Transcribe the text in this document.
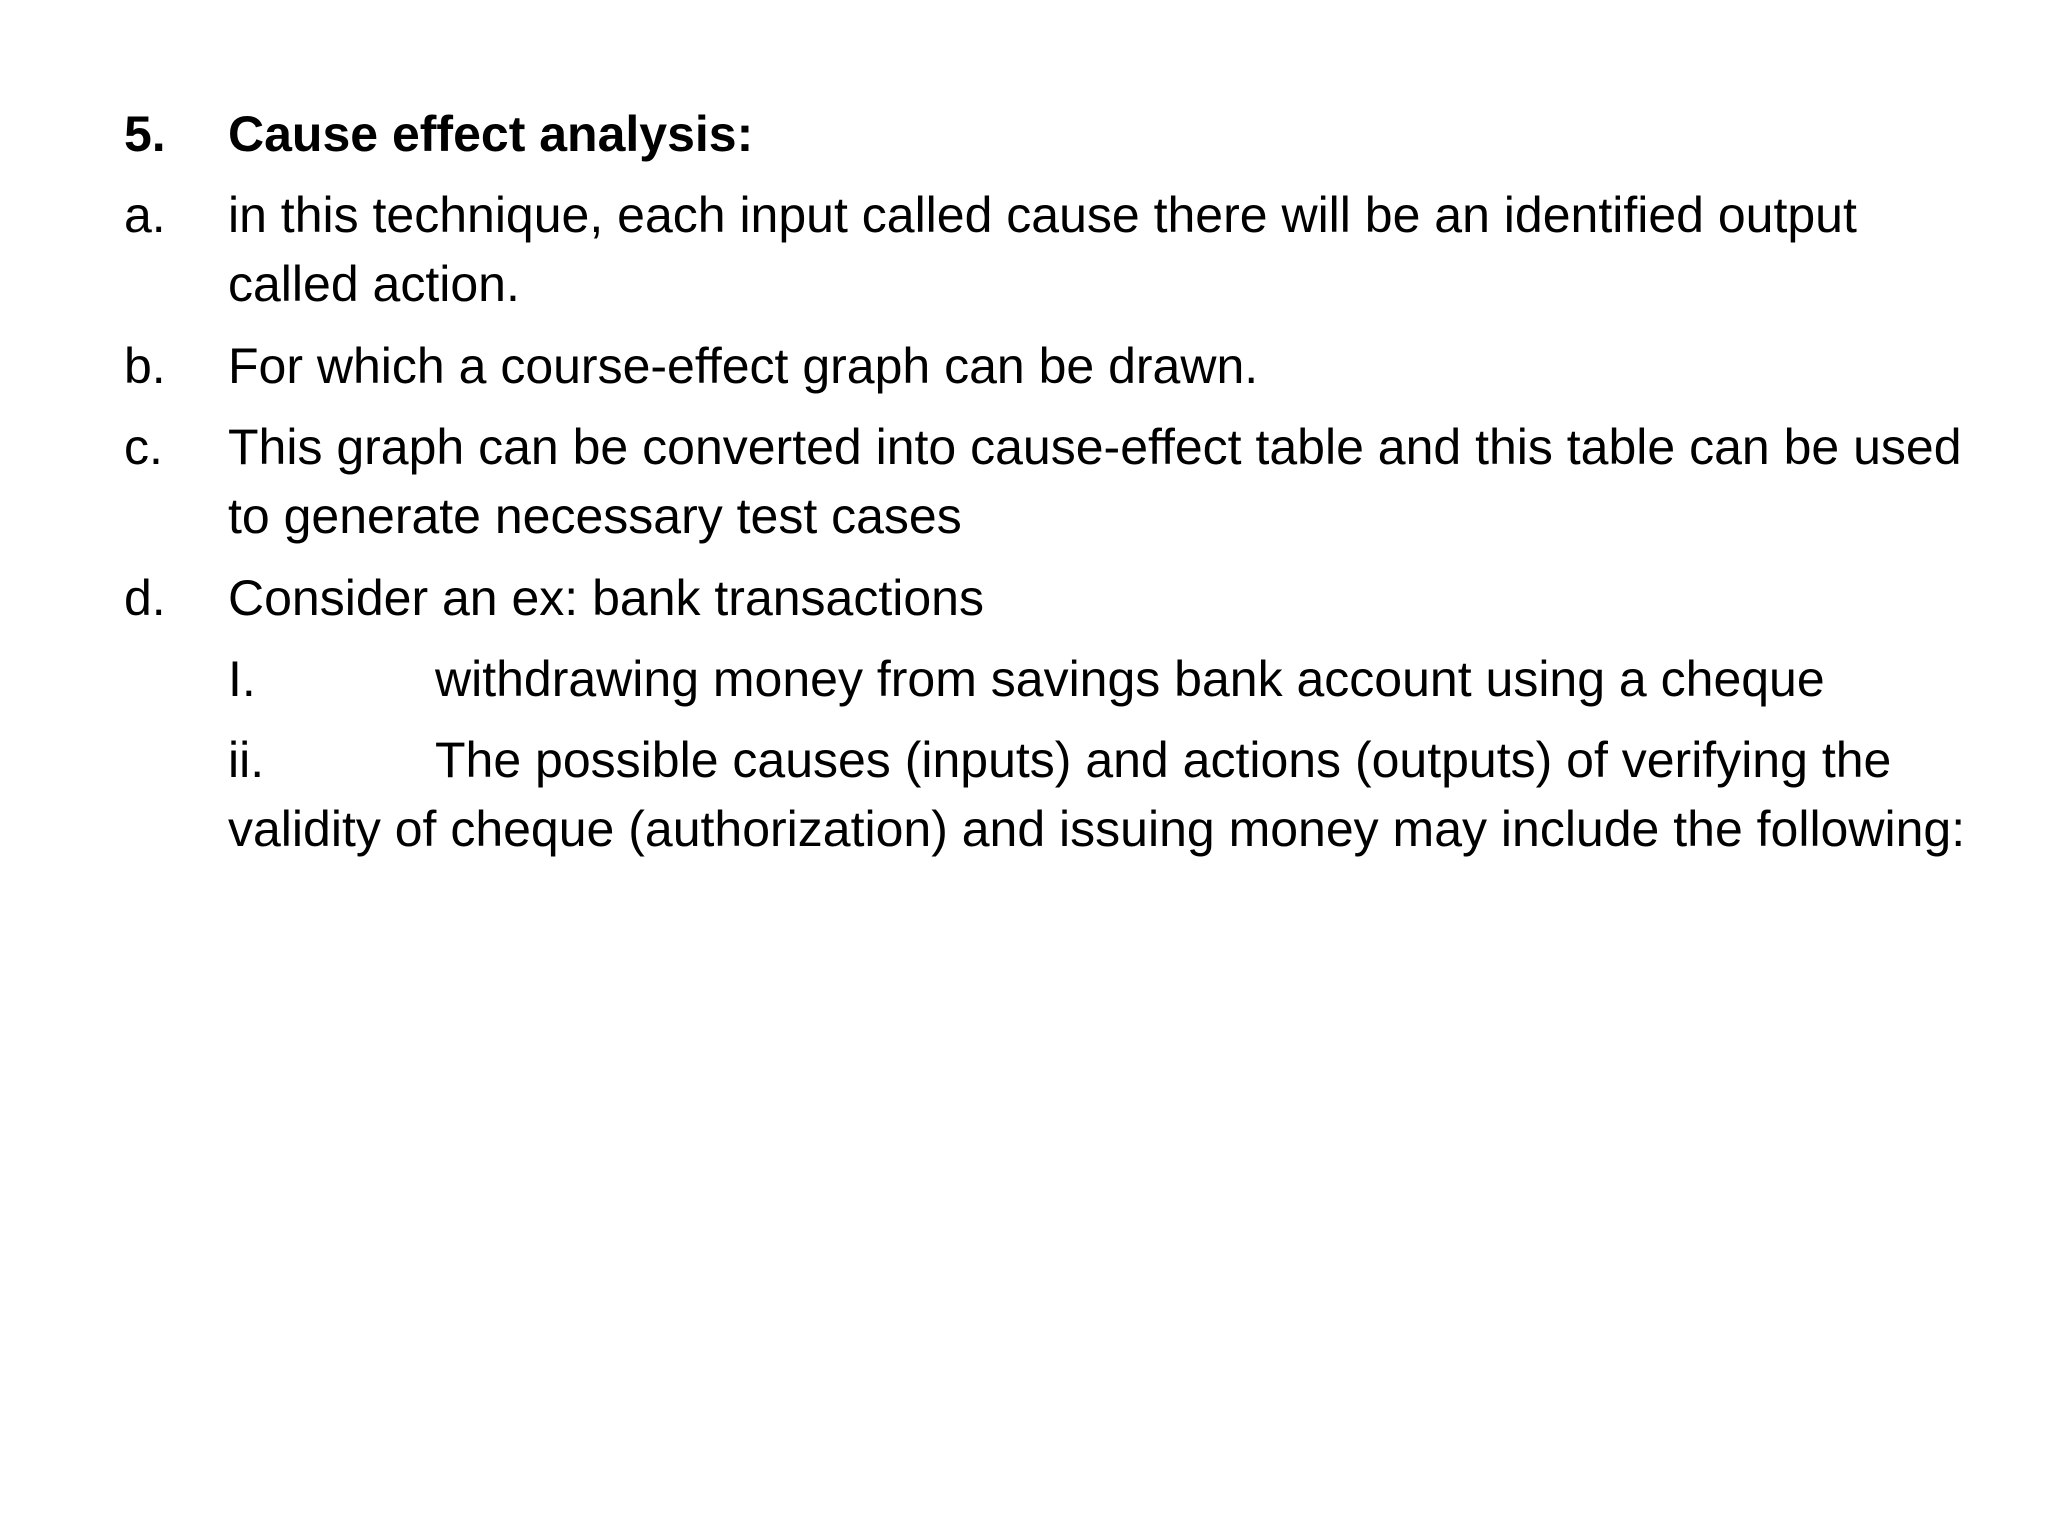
5. Cause effect analysis:
a. in this technique, each input called cause there will be an identified output called action.
b. For which a course-effect graph can be drawn.
c. This graph can be converted into cause-effect table and this table can be used to generate necessary test cases
d. Consider an ex: bank transactions
I.	withdrawing money from savings bank account using a cheque
ii.	The possible causes (inputs) and actions (outputs) of verifying the validity of cheque (authorization) and issuing money may include the following:
